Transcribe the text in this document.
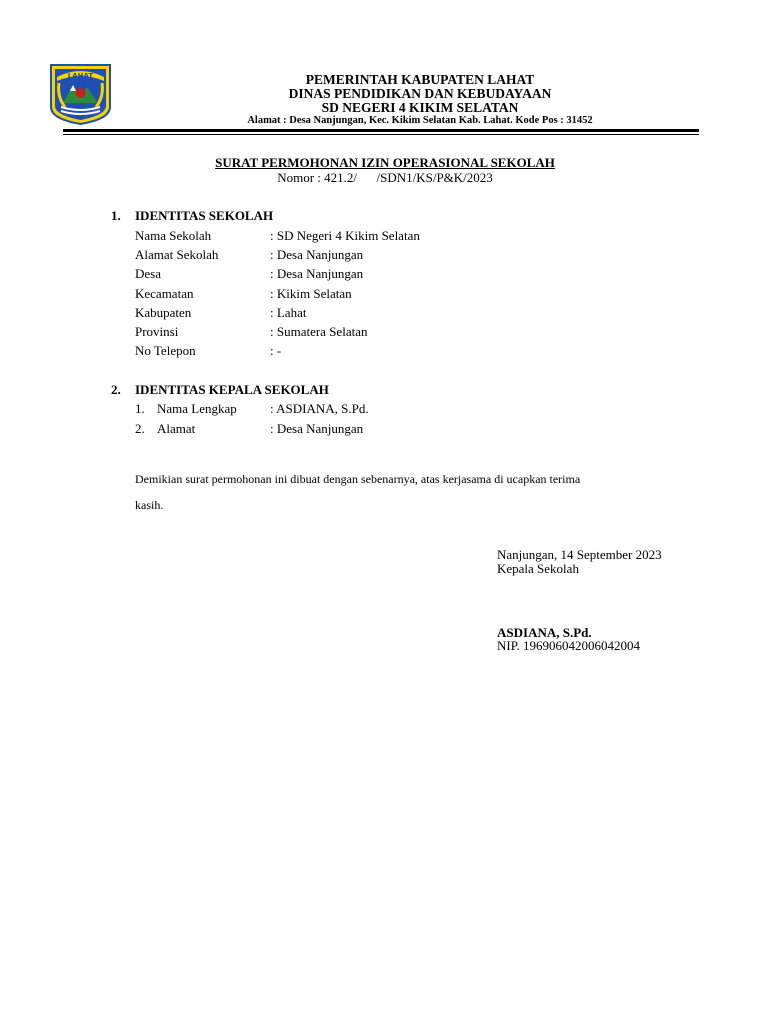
LAHAT	PEMERINTAH KABUPATEN LAHAT
DINAS PENDIDIKAN DAN KEBUDAYAAN
SD NEGERI 4 KIKIM SELATAN
Alamat : Desa Nanjungan, Kec. Kikim Selatan Kab. Lahat. Kode Pos : 31452
SURAT PERMOHONAN IZIN OPERASIONAL SEKOLAH
Nomor : 421.2/      /SDN1/KS/P&K/2023
1. IDENTITAS SEKOLAH
Nama Sekolah	: SD Negeri 4 Kikim Selatan
Alamat Sekolah	: Desa Nanjungan
Desa	: Desa Nanjungan
Kecamatan	: Kikim Selatan
Kabupaten	: Lahat
Provinsi	: Sumatera Selatan
No Telepon	: -
2. IDENTITAS KEPALA SEKOLAH
1. Nama Lengkap	: ASDIANA, S.Pd.
2. Alamat	: Desa Nanjungan
Demikian surat permohonan ini dibuat dengan sebenarnya, atas kerjasama di ucapkan terima
kasih.
Nanjungan, 14 September 2023
Kepala Sekolah
ASDIANA, S.Pd.
NIP. 196906042006042004
